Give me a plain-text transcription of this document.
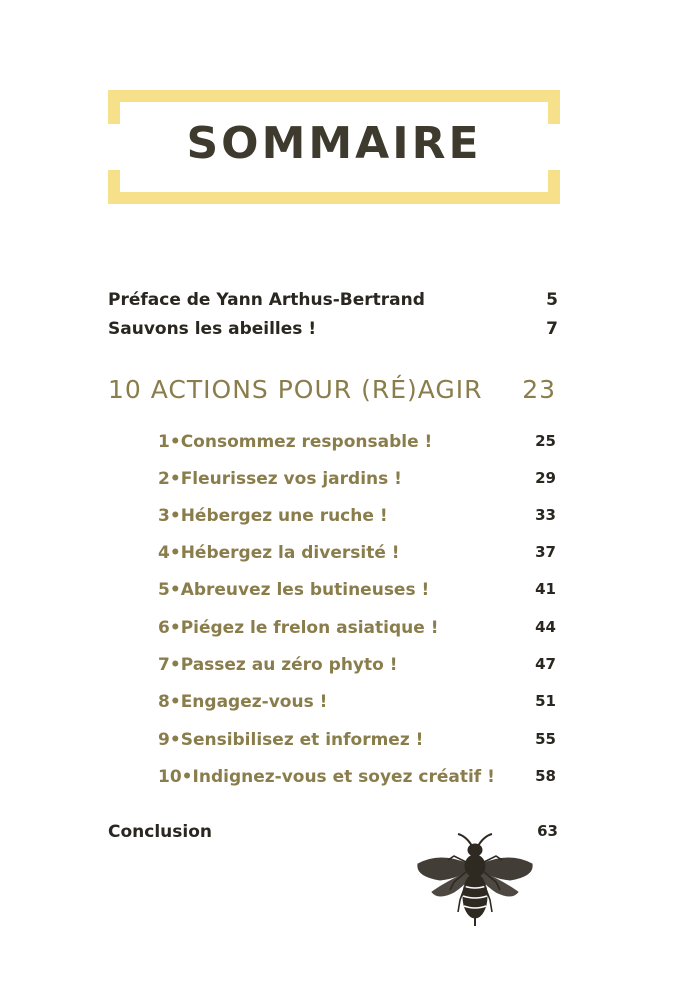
SOMMAIRE
Préface de Yann Arthus-Bertrand	5
Sauvons les abeilles !	7
10 ACTIONS POUR (RÉ)AGIR 23
1•Consommez responsable !	25
2•Fleurissez vos jardins !	29
3•Hébergez une ruche !	33
4•Hébergez la diversité !	37
5•Abreuvez les butineuses !	41
6•Piégez le frelon asiatique !	44
7•Passez au zéro phyto !	47
8•Engagez-vous !	51
9•Sensibilisez et informez !	55
10•Indignez-vous et soyez créatif !	58
Conclusion	63
